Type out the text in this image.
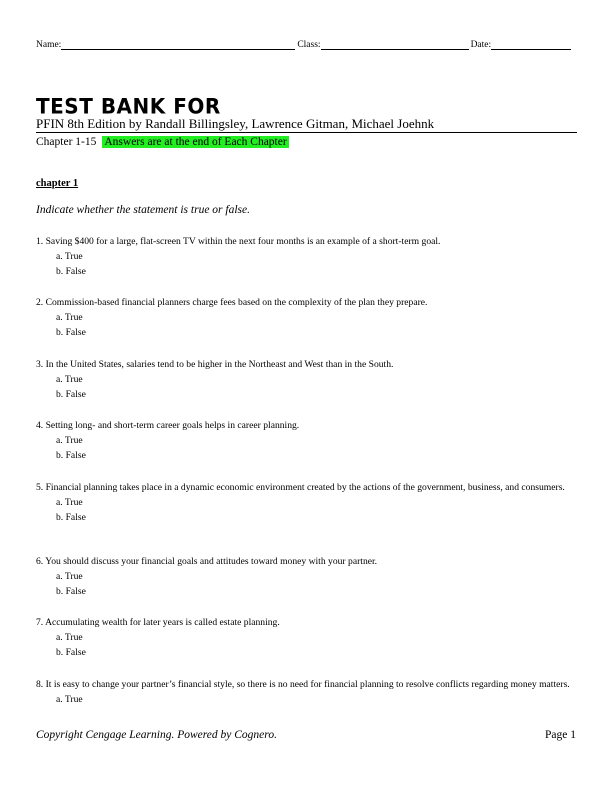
Name:	Class:	Date:
TEST BANK FOR
PFIN 8th Edition by Randall Billingsley, Lawrence Gitman, Michael Joehnk
Chapter 1-15 Answers are at the end of Each Chapter
chapter 1
Indicate whether the statement is true or false.

1. Saving $400 for a large, flat-screen TV within the next four months is an example of a short-term goal.

a. True
b. False

2. Commission-based financial planners charge fees based on the complexity of the plan they prepare.

a. True
b. False

3. In the United States, salaries tend to be higher in the Northeast and West than in the South.

a. True
b. False

4. Setting long- and short-term career goals helps in career planning.

a. True
b. False

5. Financial planning takes place in a dynamic economic environment created by the actions of the government, business, and consumers.

a. True
b. False

6. You should discuss your financial goals and attitudes toward money with your partner.

a. True
b. False

7. Accumulating wealth for later years is called estate planning.

a. True
b. False

8. It is easy to change your partner’s financial style, so there is no need for financial planning to resolve conflicts regarding money matters.

a. True
Copyright Cengage Learning. Powered by Cognero.	Page 1
